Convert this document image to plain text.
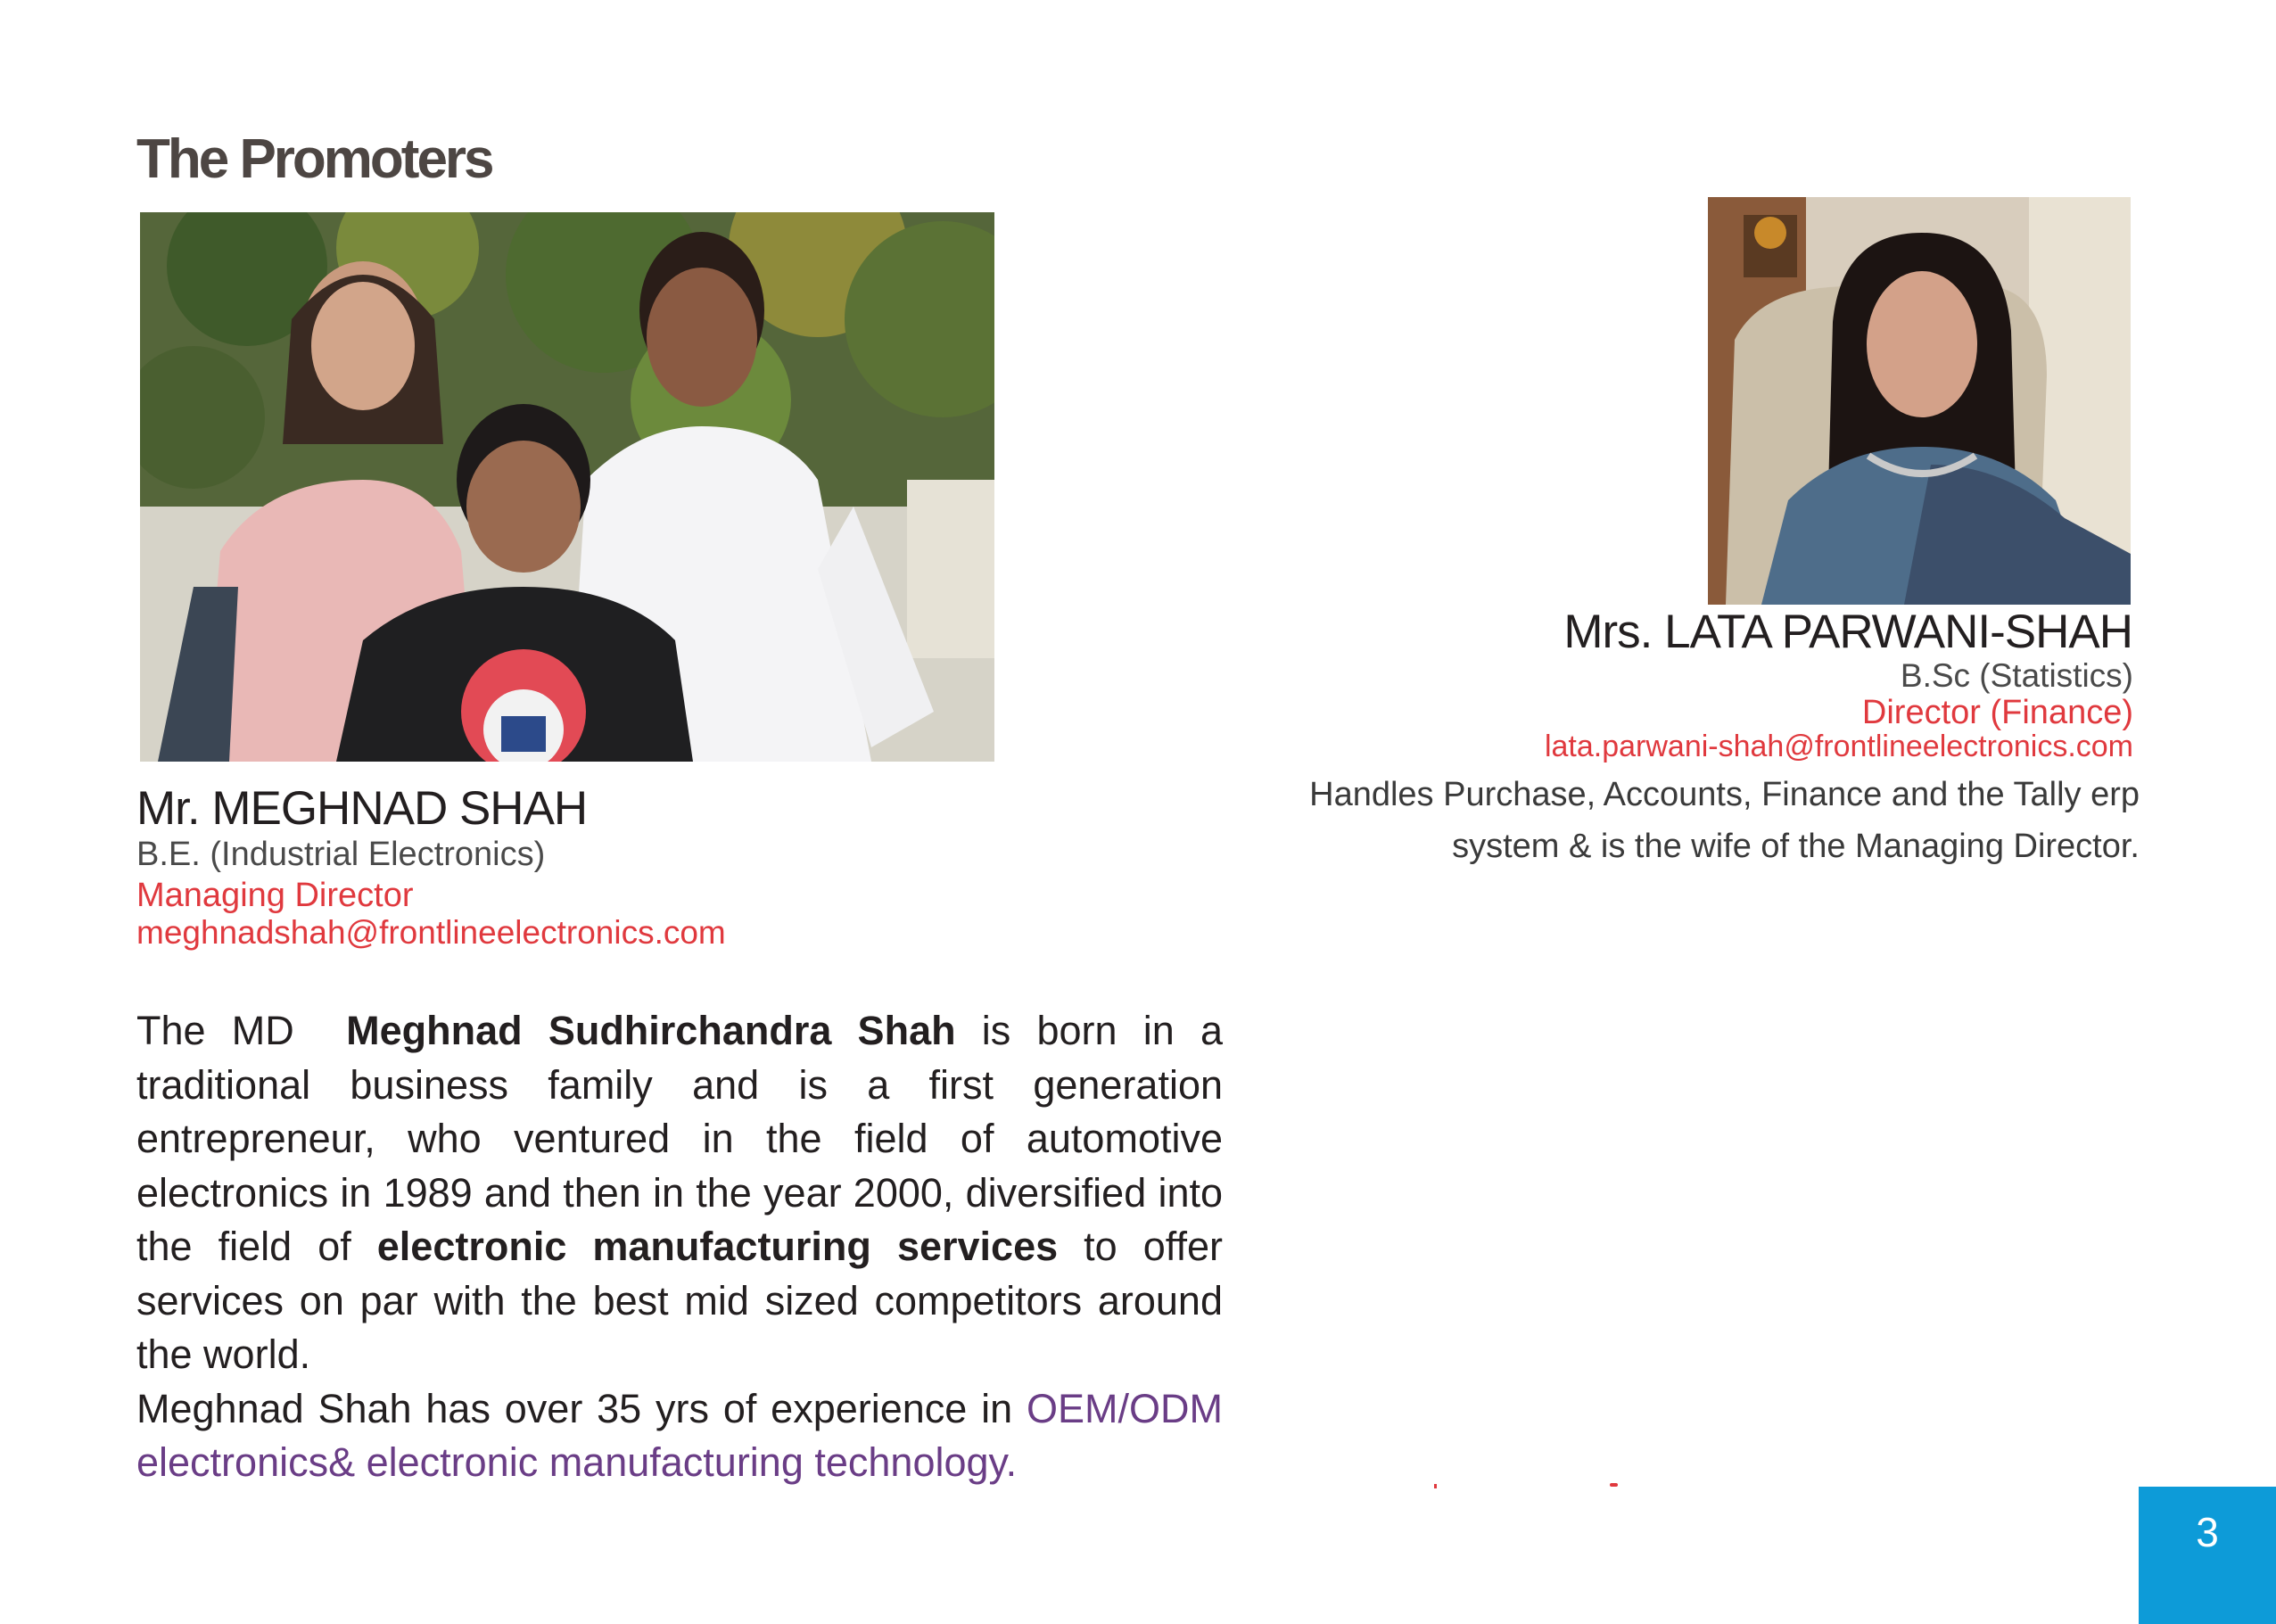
The Promoters
Mr. MEGHNAD SHAH
B.E. (Industrial Electronics)
Managing Director
meghnadshah@frontlineelectronics.com

The MD  Meghnad Sudhirchandra Shah is born in a traditional business family and is a first generation entrepreneur, who ventured in the field of automotive electronics in 1989 and then in the year 2000, diversified into the field of electronic manufacturing services to offer services on par with the best mid sized competitors around the world.

Meghnad Shah has over 35 yrs of experience in OEM/ODM electronics& electronic manufacturing technology.

Mrs. LATA PARWANI-SHAH
B.Sc (Statistics)
Director (Finance)
lata.parwani-shah@frontlineelectronics.com
Handles Purchase, Accounts, Finance and the Tally erp system & is the wife of the Managing Director.
3
